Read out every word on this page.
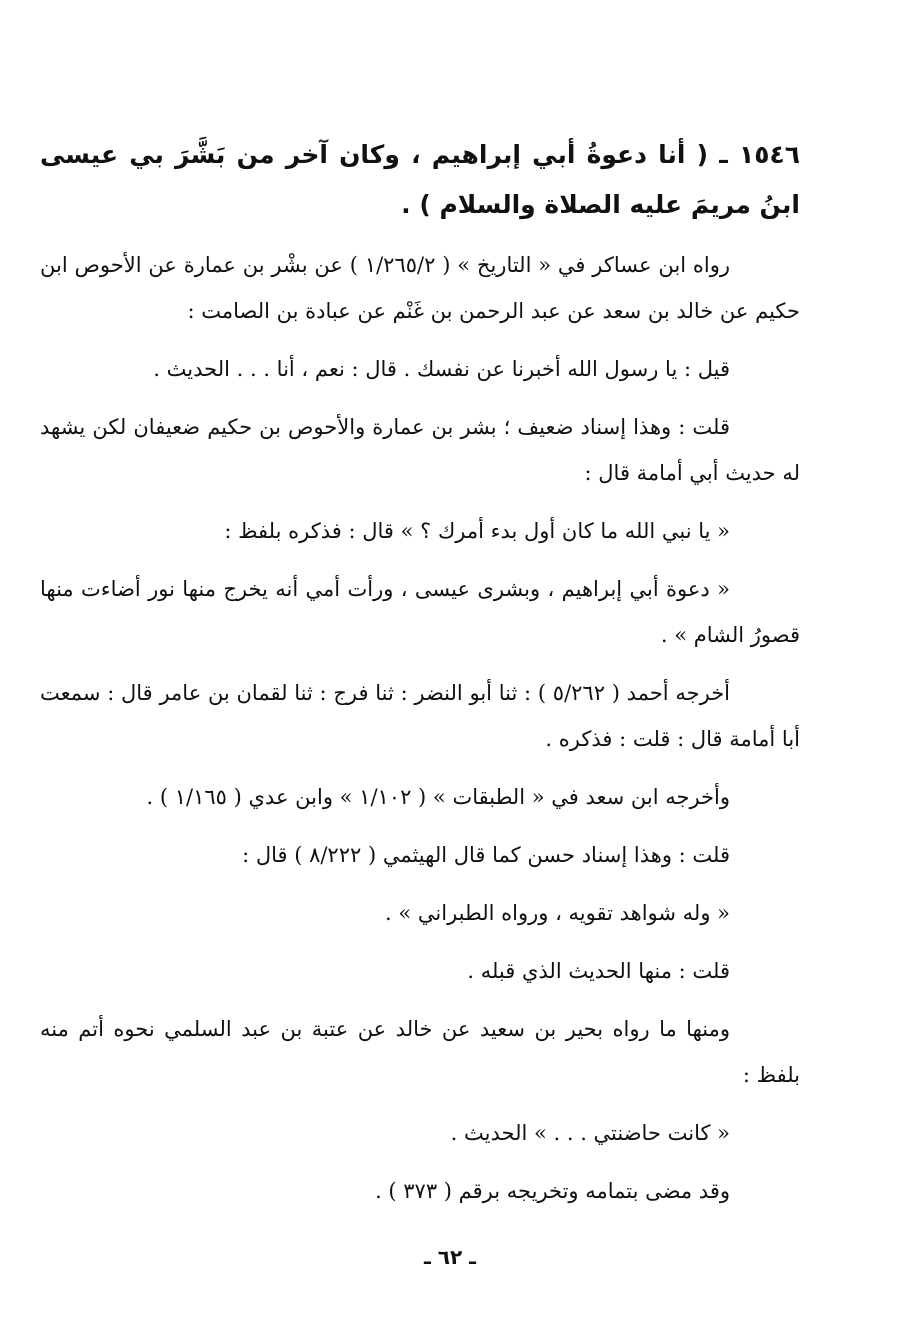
١٥٤٦ ـ ( أنا دعوةُ أبي إبراهيم ، وكان آخر من بَشَّرَ بي عيسى ابنُ مريمَ عليه الصلاة والسلام ) .

رواه ابن عساكر في « التاريخ » ( ١/٢٦٥/٢ ) عن بشْر بن عمارة عن الأحوص ابن حكيم عن خالد بن سعد عن عبد الرحمن بن غَنْم عن عبادة بن الصامت :

قيل : يا رسول الله أخبرنا عن نفسك . قال : نعم ، أنا . . . الحديث .

قلت : وهذا إسناد ضعيف ؛ بشر بن عمارة والأحوص بن حكيم ضعيفان لكن يشهد له حديث أبي أمامة قال :

« يا نبي الله ما كان أول بدء أمرك ؟ » قال : فذكره بلفظ :

« دعوة أبي إبراهيم ، وبشرى عيسى ، ورأت أمي أنه يخرج منها نور أضاءت منها قصورُ الشام » .

أخرجه أحمد ( ٥/٢٦٢ ) : ثنا أبو النضر : ثنا فرج : ثنا لقمان بن عامر قال : سمعت أبا أمامة قال : قلت : فذكره .

وأخرجه ابن سعد في « الطبقات » ( ١/١٠٢ » وابن عدي ( ١/١٦٥ ) .

قلت : وهذا إسناد حسن كما قال الهيثمي ( ٨/٢٢٢ ) قال :

« وله شواهد تقويه ، ورواه الطبراني » .

قلت : منها الحديث الذي قبله .

ومنها ما رواه بحير بن سعيد عن خالد عن عتبة بن عبد السلمي نحوه أتم منه بلفظ :

« كانت حاضنتي . . . » الحديث .

وقد مضى بتمامه وتخريجه برقم ( ٣٧٣ ) .

ـ ٦٢ ـ
